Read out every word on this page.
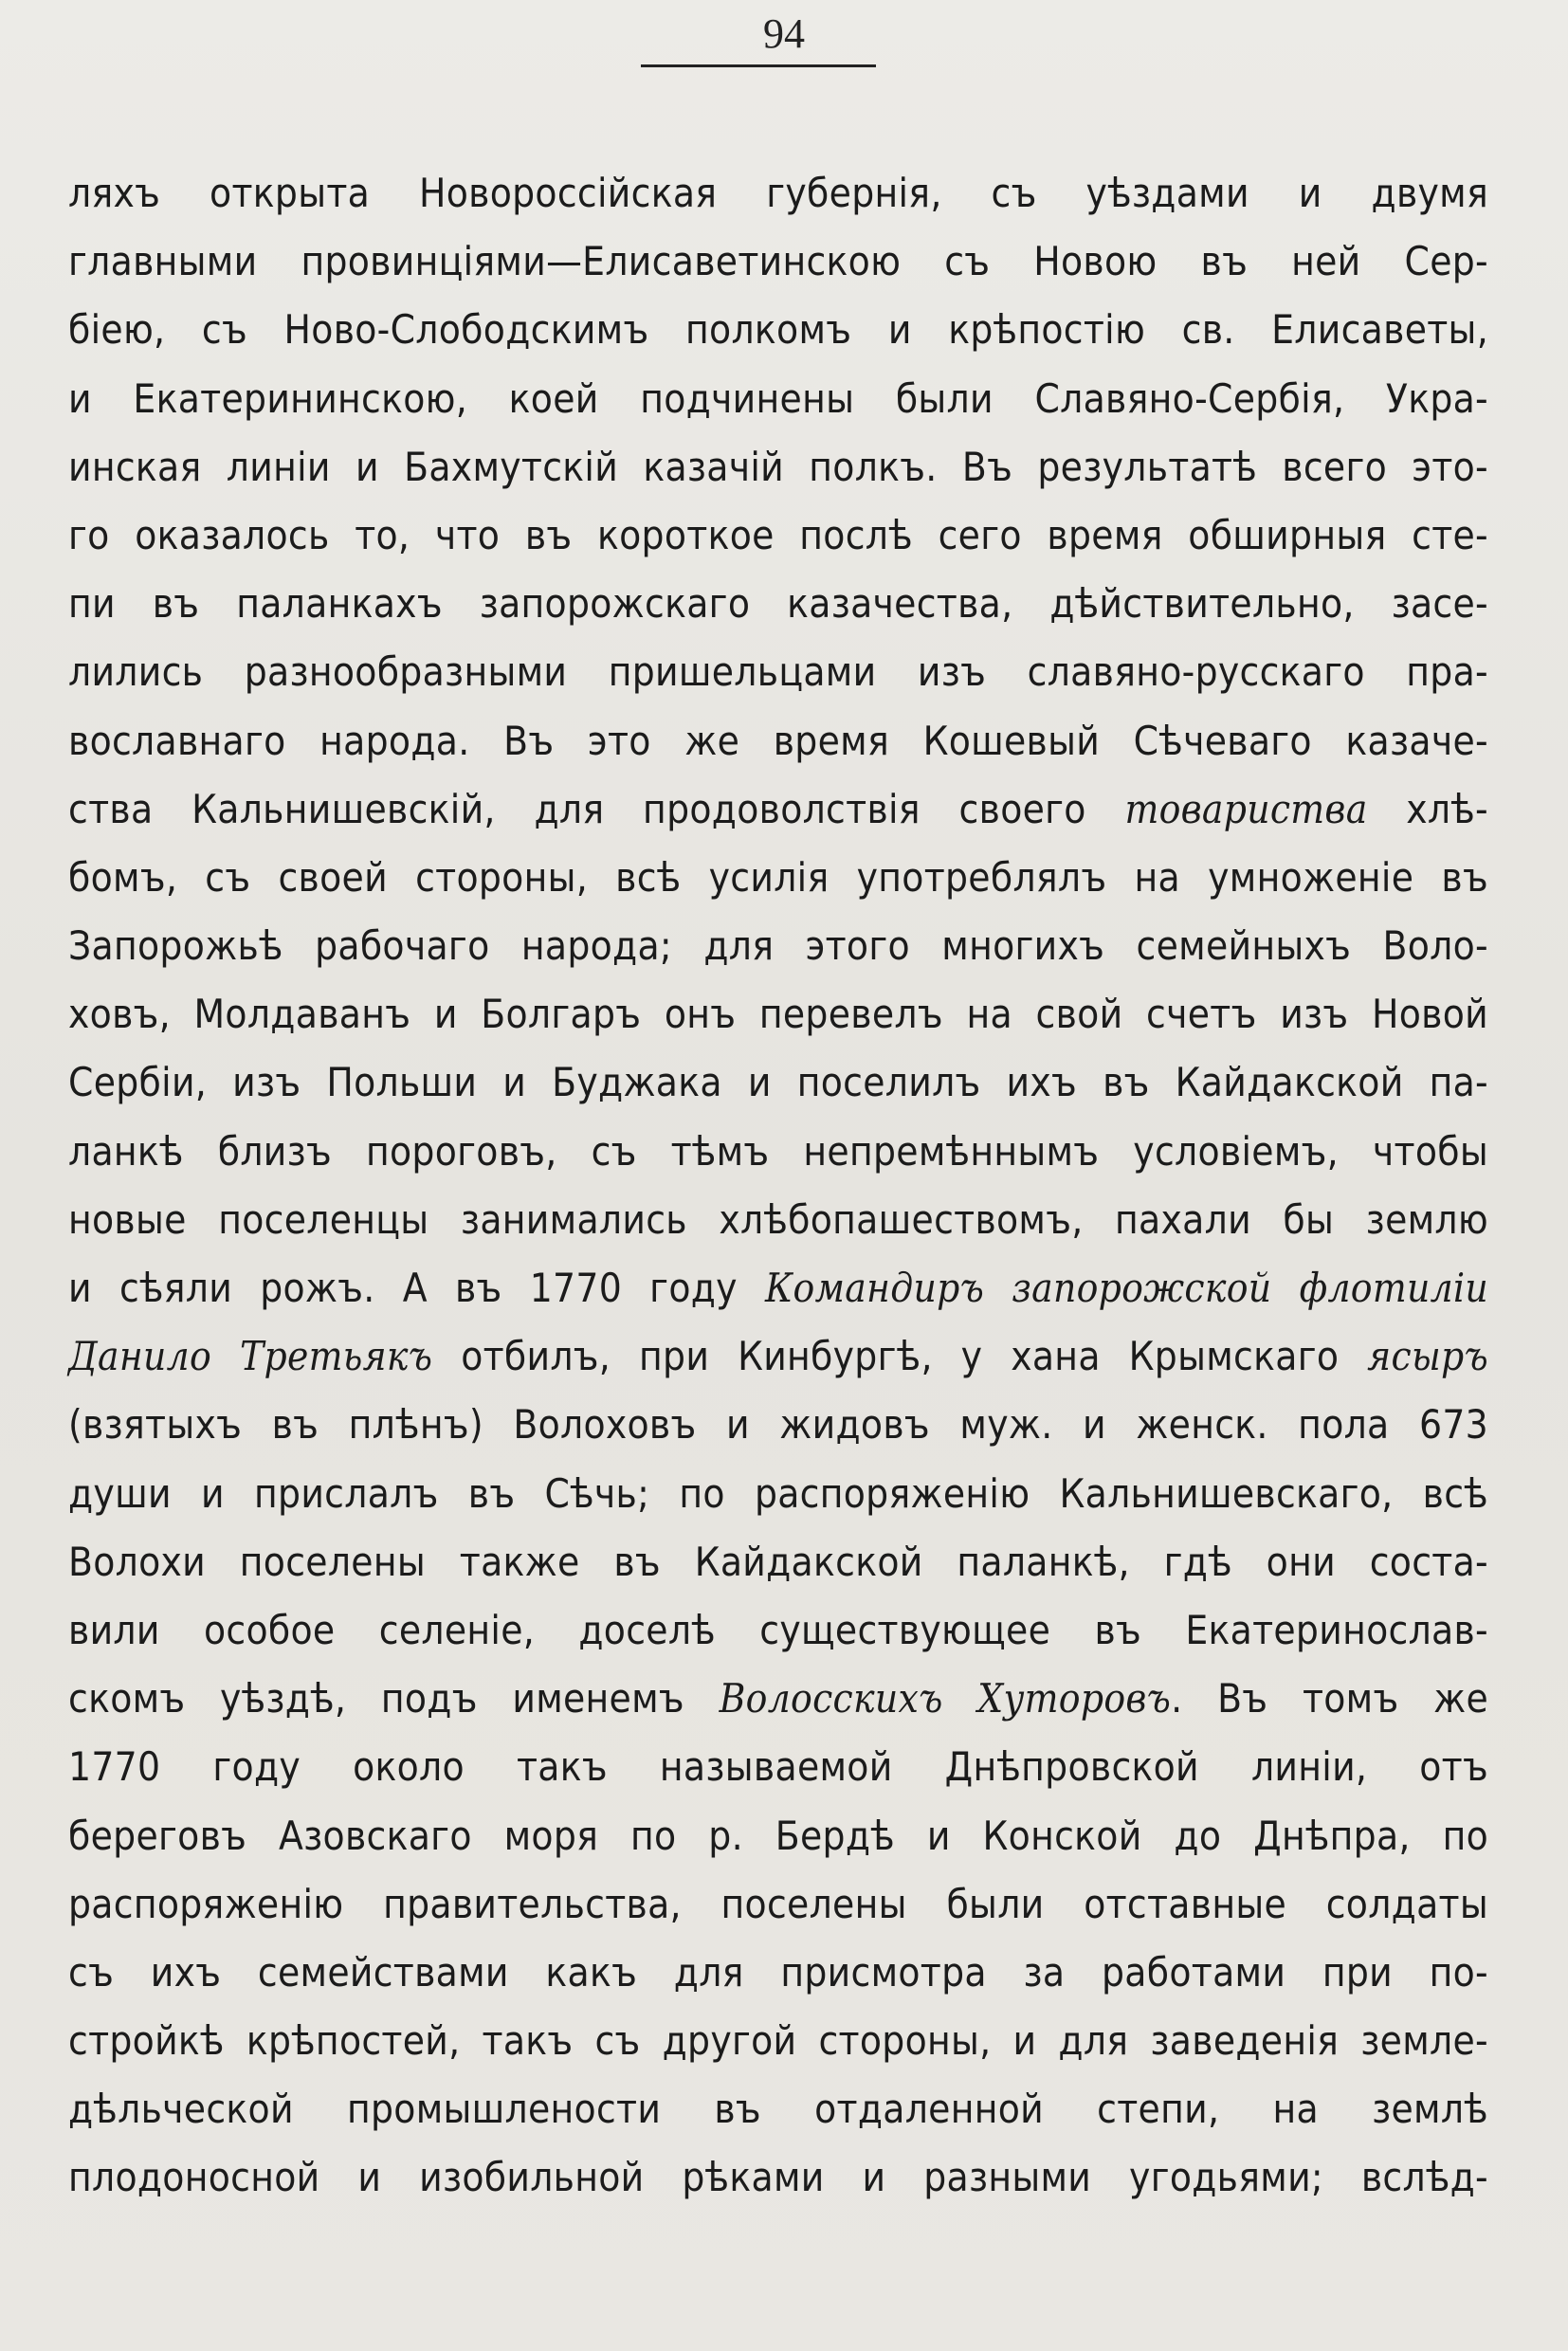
94
ляхъ открыта Новороссійская губернія, съ уѣздами и двумя
главными провинціями—Елисаветинскою съ Новою въ ней Сер-
біею, съ Ново-Слободскимъ полкомъ и крѣпостію св. Елисаветы,
и Екатерининскою, коей подчинены были Славяно-Сербія, Укра-
инская линіи и Бахмутскій казачій полкъ. Въ результатѣ всего это-
го оказалось то, что въ короткое послѣ сего время обширныя сте-
пи въ паланкахъ запорожскаго казачества, дѣйствительно, засе-
лились разнообразными пришельцами изъ славяно-русскаго пра-
вославнаго народа. Въ это же время Кошевый Сѣчеваго казаче-
ства Кальнишевскій, для продоволствія своего товариства хлѣ-
бомъ, съ своей стороны, всѣ усилія употреблялъ на умноженіе въ
Запорожьѣ рабочаго народа; для этого многихъ семейныхъ Воло-
ховъ, Молдаванъ и Болгаръ онъ перевелъ на свой счетъ изъ Новой
Сербіи, изъ Польши и Буджака и поселилъ ихъ въ Кайдакской па-
ланкѣ близъ пороговъ, съ тѣмъ непремѣннымъ условіемъ, чтобы
новые поселенцы занимались хлѣбопашествомъ, пахали бы землю
и сѣяли рожъ. А въ 1770 году Командиръ запорожской флотиліи
Данило Третьякъ отбилъ, при Кинбургѣ, у хана Крымскаго ясыръ
(взятыхъ въ плѣнъ) Волоховъ и жидовъ муж. и женск. пола 673
души и прислалъ въ Сѣчь; по распоряженію Кальнишевскаго, всѣ
Волохи поселены также въ Кайдакской паланкѣ, гдѣ они соста-
вили особое селеніе, доселѣ существующее въ Екатеринослав-
скомъ уѣздѣ, подъ именемъ Волосскихъ Хуторовъ. Въ томъ же
1770 году около такъ называемой Днѣпровской линіи, отъ
береговъ Азовскаго моря по р. Бердѣ и Конской до Днѣпра, по
распоряженію правительства, поселены были отставные солдаты
съ ихъ семействами какъ для присмотра за работами при по-
стройкѣ крѣпостей, такъ съ другой стороны, и для заведенія земле-
дѣльческой промышлености въ отдаленной степи, на землѣ
плодоносной и изобильной рѣками и разными угодьями; вслѣд-
